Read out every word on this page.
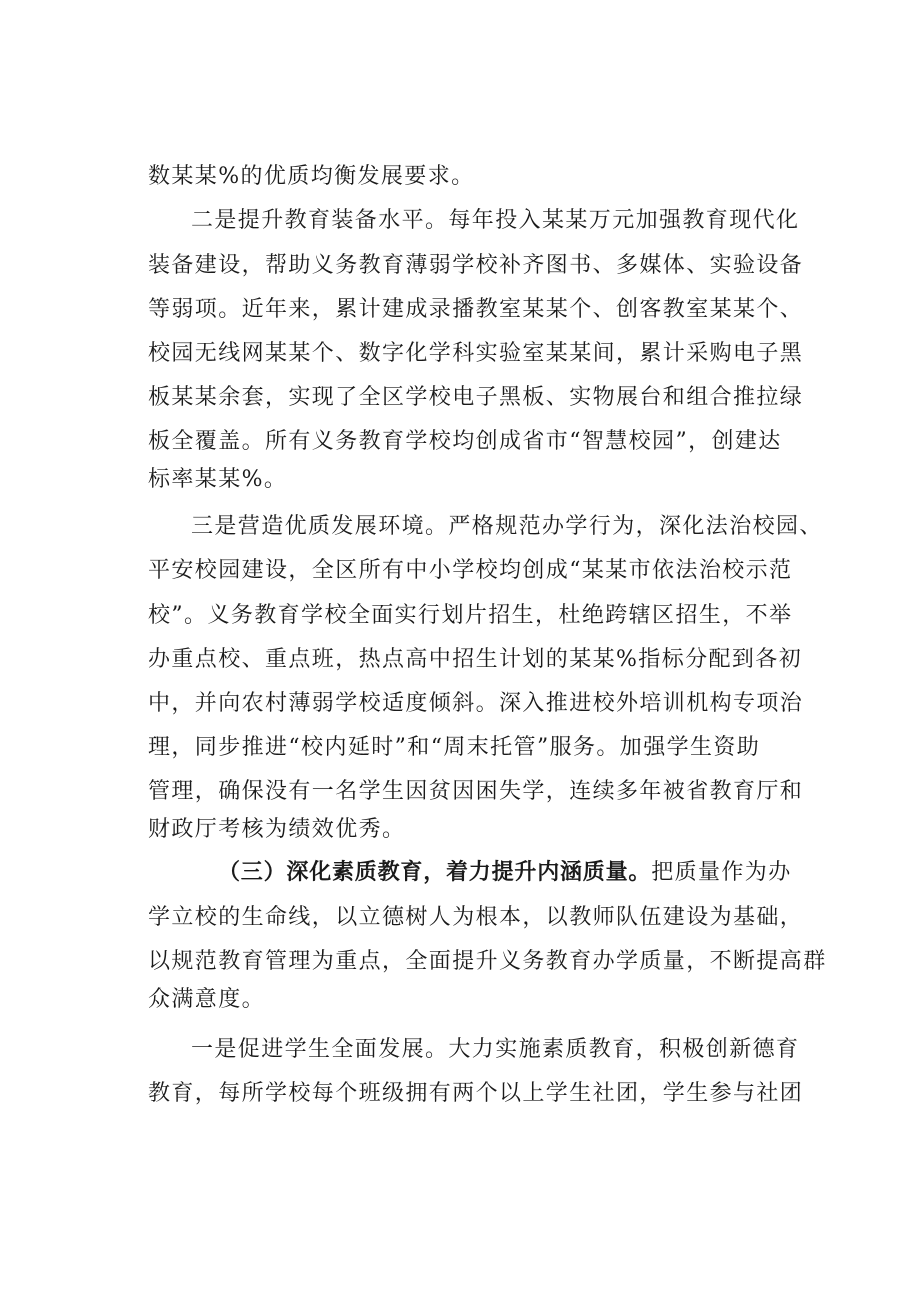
数某某%的优质均衡发展要求。

二是提升教育装备水平。每年投入某某万元加强教育现代化

装备建设，帮助义务教育薄弱学校补齐图书、多媒体、实验设备

等弱项。近年来，累计建成录播教室某某个、创客教室某某个、

校园无线网某某个、数字化学科实验室某某间，累计采购电子黑

板某某余套，实现了全区学校电子黑板、实物展台和组合推拉绿

板全覆盖。所有义务教育学校均创成省市“智慧校园”，创建达

标率某某%。

三是营造优质发展环境。严格规范办学行为，深化法治校园、

平安校园建设，全区所有中小学校均创成“某某市依法治校示范

校”。义务教育学校全面实行划片招生，杜绝跨辖区招生，不举

办重点校、重点班，热点高中招生计划的某某%指标分配到各初

中，并向农村薄弱学校适度倾斜。深入推进校外培训机构专项治

理，同步推进“校内延时”和“周末托管”服务。加强学生资助

管理，确保没有一名学生因贫因困失学，连续多年被省教育厅和

财政厅考核为绩效优秀。

（三）深化素质教育，着力提升内涵质量。把质量作为办

学立校的生命线，以立德树人为根本，以教师队伍建设为基础，

以规范教育管理为重点，全面提升义务教育办学质量，不断提高群

众满意度。

一是促进学生全面发展。大力实施素质教育，积极创新德育

教育，每所学校每个班级拥有两个以上学生社团，学生参与社团
